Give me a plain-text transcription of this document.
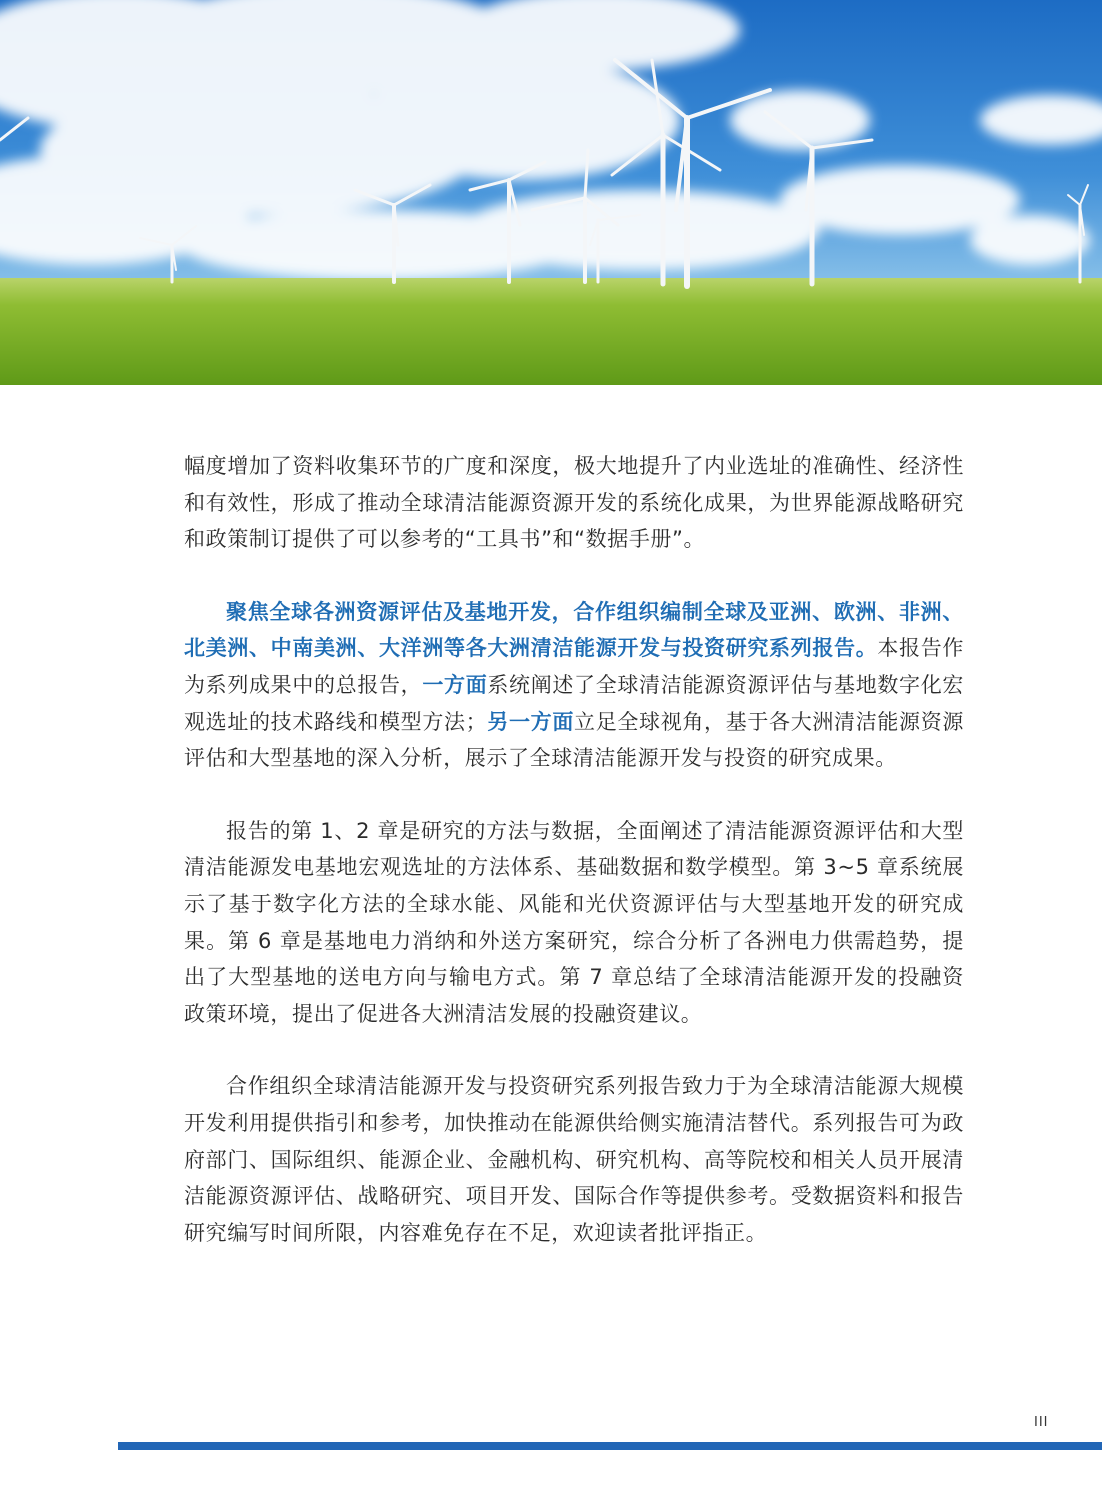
幅度增加了资料收集环节的广度和深度，极大地提升了内业选址的准确性、经济性和有效性，形成了推动全球清洁能源资源开发的系统化成果，为世界能源战略研究和政策制订提供了可以参考的“工具书”和“数据手册”。

聚焦全球各洲资源评估及基地开发，合作组织编制全球及亚洲、欧洲、非洲、北美洲、中南美洲、大洋洲等各大洲清洁能源开发与投资研究系列报告。本报告作为系列成果中的总报告，一方面系统阐述了全球清洁能源资源评估与基地数字化宏观选址的技术路线和模型方法；另一方面立足全球视角，基于各大洲清洁能源资源评估和大型基地的深入分析，展示了全球清洁能源开发与投资的研究成果。

报告的第 1、2 章是研究的方法与数据，全面阐述了清洁能源资源评估和大型清洁能源发电基地宏观选址的方法体系、基础数据和数学模型。第 3~5 章系统展示了基于数字化方法的全球水能、风能和光伏资源评估与大型基地开发的研究成果。第 6 章是基地电力消纳和外送方案研究，综合分析了各洲电力供需趋势，提出了大型基地的送电方向与输电方式。第 7 章总结了全球清洁能源开发的投融资政策环境，提出了促进各大洲清洁发展的投融资建议。

合作组织全球清洁能源开发与投资研究系列报告致力于为全球清洁能源大规模开发利用提供指引和参考，加快推动在能源供给侧实施清洁替代。系列报告可为政府部门、国际组织、能源企业、金融机构、研究机构、高等院校和相关人员开展清洁能源资源评估、战略研究、项目开发、国际合作等提供参考。受数据资料和报告研究编写时间所限，内容难免存在不足，欢迎读者批评指正。

III
